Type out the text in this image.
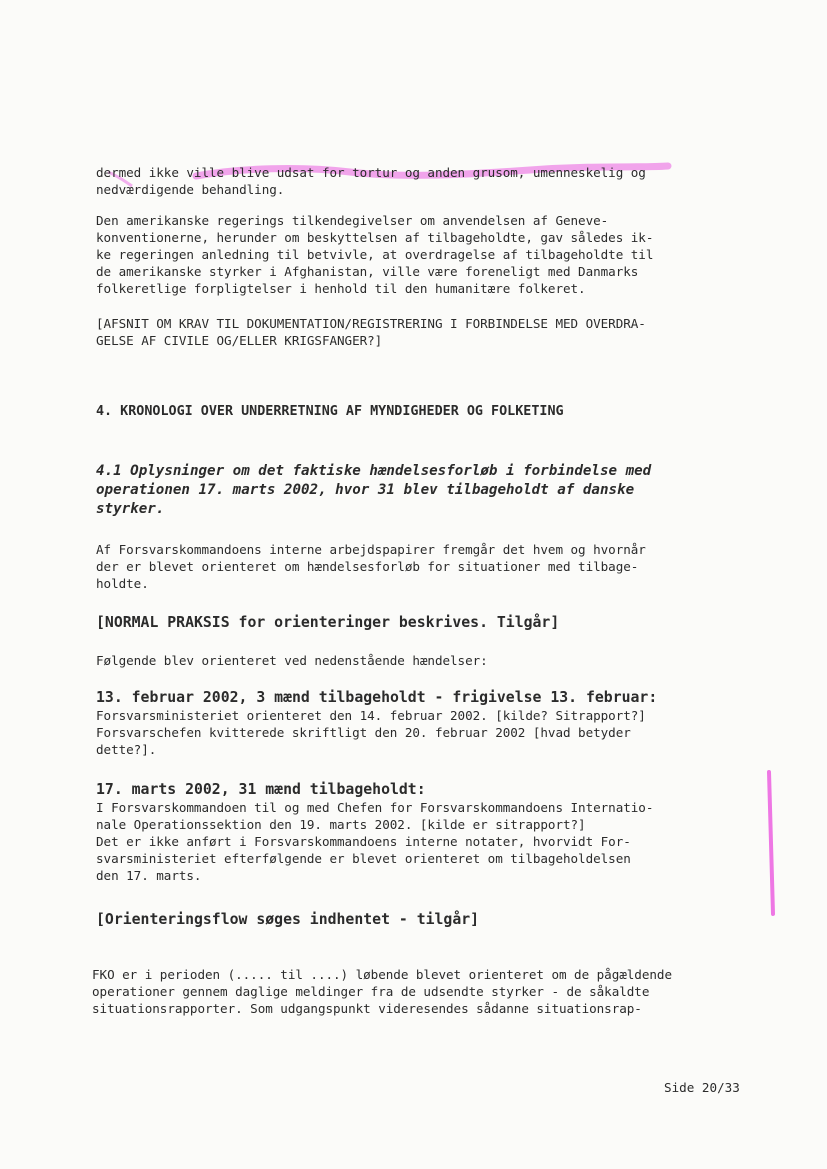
dermed ikke ville blive udsat for tortur og anden grusom, umenneskelig og
nedværdigende behandling.

Den amerikanske regerings tilkendegivelser om anvendelsen af Geneve-
konventionerne, herunder om beskyttelsen af tilbageholdte, gav således ik-
ke regeringen anledning til betvivle, at overdragelse af tilbageholdte til
de amerikanske styrker i Afghanistan, ville være foreneligt med Danmarks
folkeretlige forpligtelser i henhold til den humanitære folkeret.

[AFSNIT OM KRAV TIL DOKUMENTATION/REGISTRERING I FORBINDELSE MED OVERDRA-
GELSE AF CIVILE OG/ELLER KRIGSFANGER?]

4. KRONOLOGI OVER UNDERRETNING AF MYNDIGHEDER OG FOLKETING

4.1 Oplysninger om det faktiske hændelsesforløb i forbindelse med
operationen 17. marts 2002, hvor 31 blev tilbageholdt af danske
styrker.

Af Forsvarskommandoens interne arbejdspapirer fremgår det hvem og hvornår
der er blevet orienteret om hændelsesforløb for situationer med tilbage-
holdte.

[NORMAL PRAKSIS for orienteringer beskrives. Tilgår]

Følgende blev orienteret ved nedenstående hændelser:

13. februar 2002, 3 mænd tilbageholdt - frigivelse 13. februar:

Forsvarsministeriet orienteret den 14. februar 2002. [kilde? Sitrapport?]
Forsvarschefen kvitterede skriftligt den 20. februar 2002 [hvad betyder
dette?].

17. marts 2002, 31 mænd tilbageholdt:

I Forsvarskommandoen til og med Chefen for Forsvarskommandoens Internatio-
nale Operationssektion den 19. marts 2002. [kilde er sitrapport?]
Det er ikke anført i Forsvarskommandoens interne notater, hvorvidt For-
svarsministeriet efterfølgende er blevet orienteret om tilbageholdelsen
den 17. marts.

[Orienteringsflow søges indhentet - tilgår]

FKO er i perioden (..... til ....) løbende blevet orienteret om de pågældende
operationer gennem daglige meldinger fra de udsendte styrker - de såkaldte
situationsrapporter. Som udgangspunkt videresendes sådanne situationsrap-

Side 20/33
